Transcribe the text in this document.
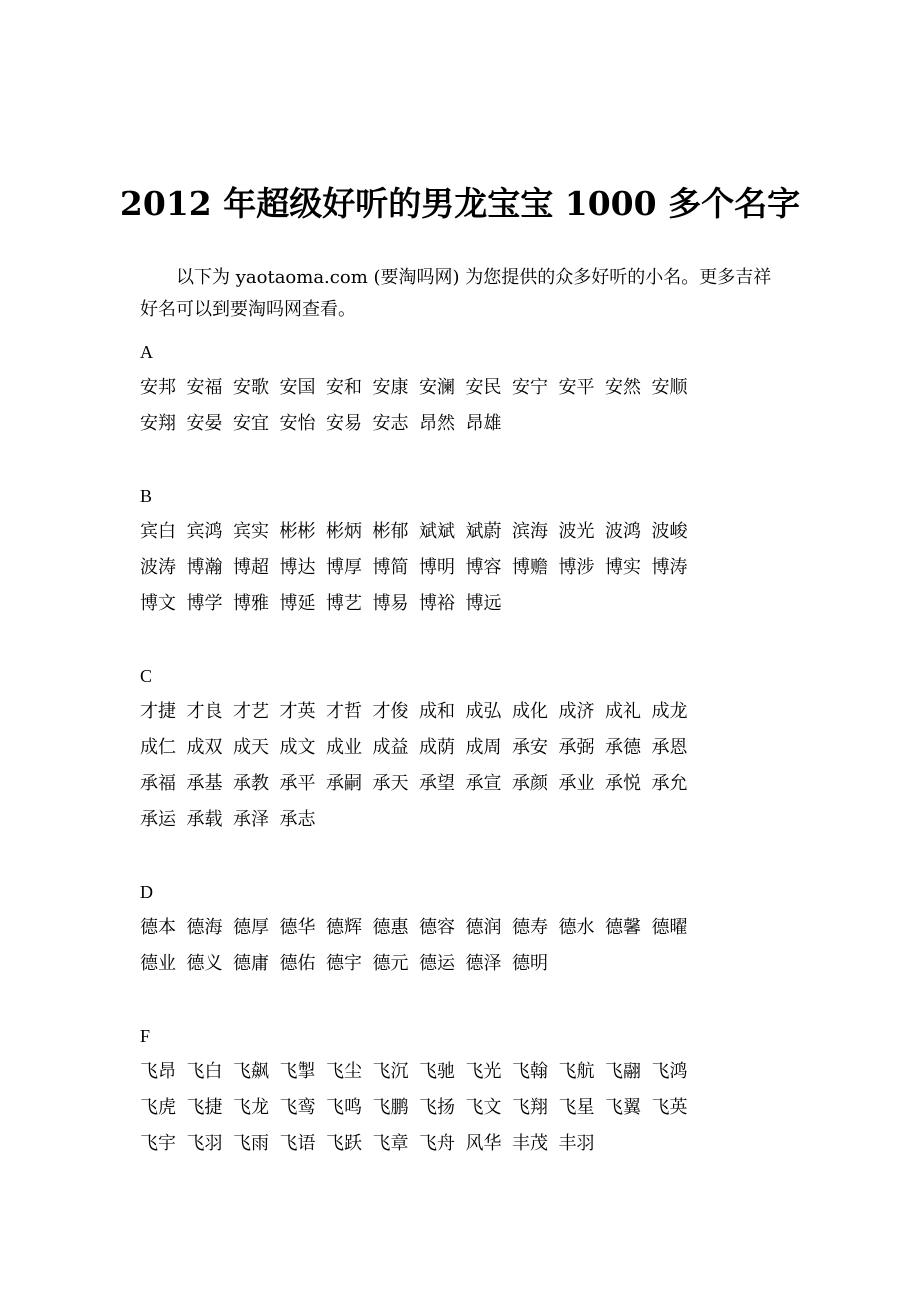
2012 年超级好听的男龙宝宝 1000 多个名字

以下为 yaotaoma.com (要淘吗网) 为您提供的众多好听的小名。更多吉祥好名可以到要淘吗网查看。

A
安邦 安福 安歌 安国 安和 安康 安澜 安民 安宁 安平 安然 安顺
安翔 安晏 安宜 安怡 安易 安志 昂然 昂雄
B
宾白 宾鸿 宾实 彬彬 彬炳 彬郁 斌斌 斌蔚 滨海 波光 波鸿 波峻
波涛 博瀚 博超 博达 博厚 博简 博明 博容 博赡 博涉 博实 博涛
博文 博学 博雅 博延 博艺 博易 博裕 博远
C
才捷 才良 才艺 才英 才哲 才俊 成和 成弘 成化 成济 成礼 成龙
成仁 成双 成天 成文 成业 成益 成荫 成周 承安 承弼 承德 承恩
承福 承基 承教 承平 承嗣 承天 承望 承宣 承颜 承业 承悦 承允
承运 承载 承泽 承志
D
德本 德海 德厚 德华 德辉 德惠 德容 德润 德寿 德水 德馨 德曜
德业 德义 德庸 德佑 德宇 德元 德运 德泽 德明
F
飞昂 飞白 飞飙 飞掣 飞尘 飞沉 飞驰 飞光 飞翰 飞航 飞翮 飞鸿
飞虎 飞捷 飞龙 飞鸾 飞鸣 飞鹏 飞扬 飞文 飞翔 飞星 飞翼 飞英
飞宇 飞羽 飞雨 飞语 飞跃 飞章 飞舟 风华 丰茂 丰羽
